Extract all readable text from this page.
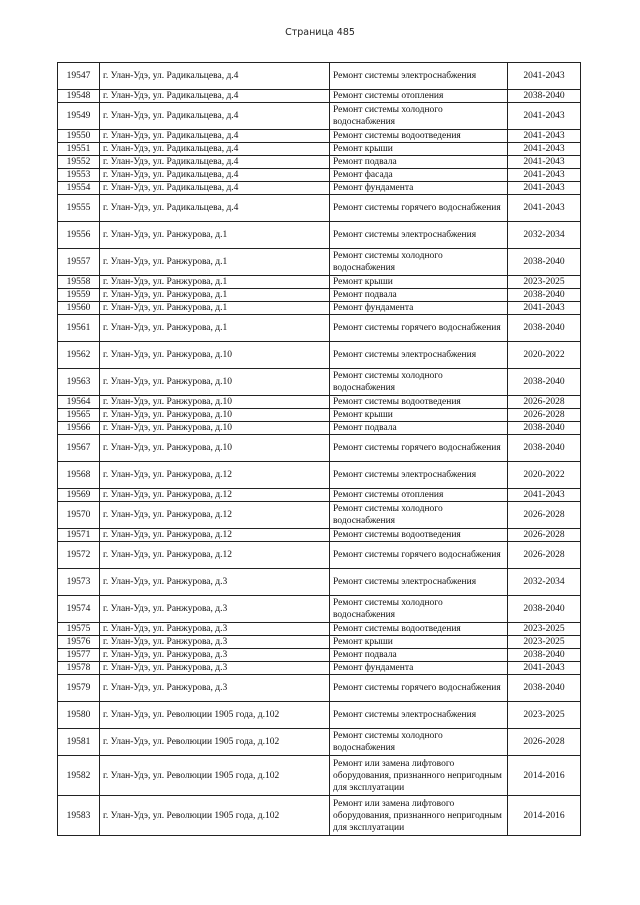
Страница 485
19547	г. Улан-Удэ, ул. Радикальцева, д.4	Ремонт системы электроснабжения	2041-2043
19548	г. Улан-Удэ, ул. Радикальцева, д.4	Ремонт системы отопления	2038-2040
19549	г. Улан-Удэ, ул. Радикальцева, д.4	Ремонт системы холодного водоснабжения	2041-2043
19550	г. Улан-Удэ, ул. Радикальцева, д.4	Ремонт системы водоотведения	2041-2043
19551	г. Улан-Удэ, ул. Радикальцева, д.4	Ремонт крыши	2041-2043
19552	г. Улан-Удэ, ул. Радикальцева, д.4	Ремонт подвала	2041-2043
19553	г. Улан-Удэ, ул. Радикальцева, д.4	Ремонт фасада	2041-2043
19554	г. Улан-Удэ, ул. Радикальцева, д.4	Ремонт фундамента	2041-2043
19555	г. Улан-Удэ, ул. Радикальцева, д.4	Ремонт системы горячего водоснабжения	2041-2043
19556	г. Улан-Удэ, ул. Ранжурова, д.1	Ремонт системы электроснабжения	2032-2034
19557	г. Улан-Удэ, ул. Ранжурова, д.1	Ремонт системы холодного водоснабжения	2038-2040
19558	г. Улан-Удэ, ул. Ранжурова, д.1	Ремонт крыши	2023-2025
19559	г. Улан-Удэ, ул. Ранжурова, д.1	Ремонт подвала	2038-2040
19560	г. Улан-Удэ, ул. Ранжурова, д.1	Ремонт фундамента	2041-2043
19561	г. Улан-Удэ, ул. Ранжурова, д.1	Ремонт системы горячего водоснабжения	2038-2040
19562	г. Улан-Удэ, ул. Ранжурова, д.10	Ремонт системы электроснабжения	2020-2022
19563	г. Улан-Удэ, ул. Ранжурова, д.10	Ремонт системы холодного водоснабжения	2038-2040
19564	г. Улан-Удэ, ул. Ранжурова, д.10	Ремонт системы водоотведения	2026-2028
19565	г. Улан-Удэ, ул. Ранжурова, д.10	Ремонт крыши	2026-2028
19566	г. Улан-Удэ, ул. Ранжурова, д.10	Ремонт подвала	2038-2040
19567	г. Улан-Удэ, ул. Ранжурова, д.10	Ремонт системы горячего водоснабжения	2038-2040
19568	г. Улан-Удэ, ул. Ранжурова, д.12	Ремонт системы электроснабжения	2020-2022
19569	г. Улан-Удэ, ул. Ранжурова, д.12	Ремонт системы отопления	2041-2043
19570	г. Улан-Удэ, ул. Ранжурова, д.12	Ремонт системы холодного водоснабжения	2026-2028
19571	г. Улан-Удэ, ул. Ранжурова, д.12	Ремонт системы водоотведения	2026-2028
19572	г. Улан-Удэ, ул. Ранжурова, д.12	Ремонт системы горячего водоснабжения	2026-2028
19573	г. Улан-Удэ, ул. Ранжурова, д.3	Ремонт системы электроснабжения	2032-2034
19574	г. Улан-Удэ, ул. Ранжурова, д.3	Ремонт системы холодного водоснабжения	2038-2040
19575	г. Улан-Удэ, ул. Ранжурова, д.3	Ремонт системы водоотведения	2023-2025
19576	г. Улан-Удэ, ул. Ранжурова, д.3	Ремонт крыши	2023-2025
19577	г. Улан-Удэ, ул. Ранжурова, д.3	Ремонт подвала	2038-2040
19578	г. Улан-Удэ, ул. Ранжурова, д.3	Ремонт фундамента	2041-2043
19579	г. Улан-Удэ, ул. Ранжурова, д.3	Ремонт системы горячего водоснабжения	2038-2040
19580	г. Улан-Удэ, ул. Революции 1905 года, д.102	Ремонт системы электроснабжения	2023-2025
19581	г. Улан-Удэ, ул. Революции 1905 года, д.102	Ремонт системы холодного водоснабжения	2026-2028
19582	г. Улан-Удэ, ул. Революции 1905 года, д.102	Ремонт или замена лифтового оборудования, признанного непригодным для эксплуатации	2014-2016
19583	г. Улан-Удэ, ул. Революции 1905 года, д.102	Ремонт или замена лифтового оборудования, признанного непригодным для эксплуатации	2014-2016
